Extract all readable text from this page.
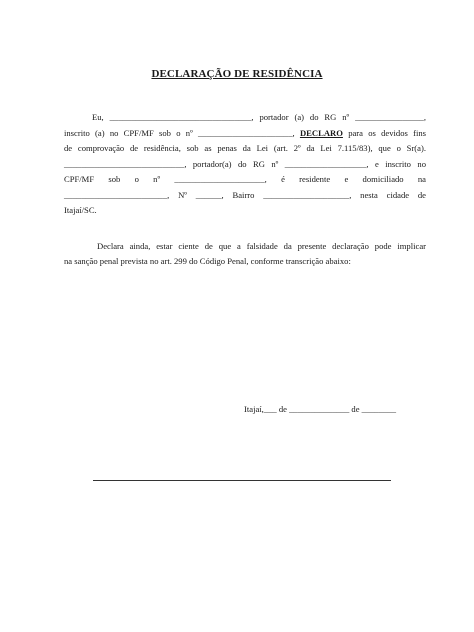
DECLARAÇÃO DE RESIDÊNCIA
Eu, _________________________________, portador (a) do RG nº ________________,
inscrito (a) no CPF/MF sob o nº ______________________, DECLARO para os devidos fins
de comprovação de residência, sob as penas da Lei (art. 2º da Lei 7.115/83), que o Sr(a).
____________________________, portador(a) do RG nº ___________________, e inscrito no
CPF/MF sob o nº _____________________, é residente e domiciliado na
________________________, Nº ______, Bairro ____________________, nesta cidade de
Itajaí/SC.
Declara ainda, estar ciente de que a falsidade da presente declaração pode implicar
na sanção penal prevista no art. 299 do Código Penal, conforme transcrição abaixo:
Itajaí,___ de ______________ de ________
